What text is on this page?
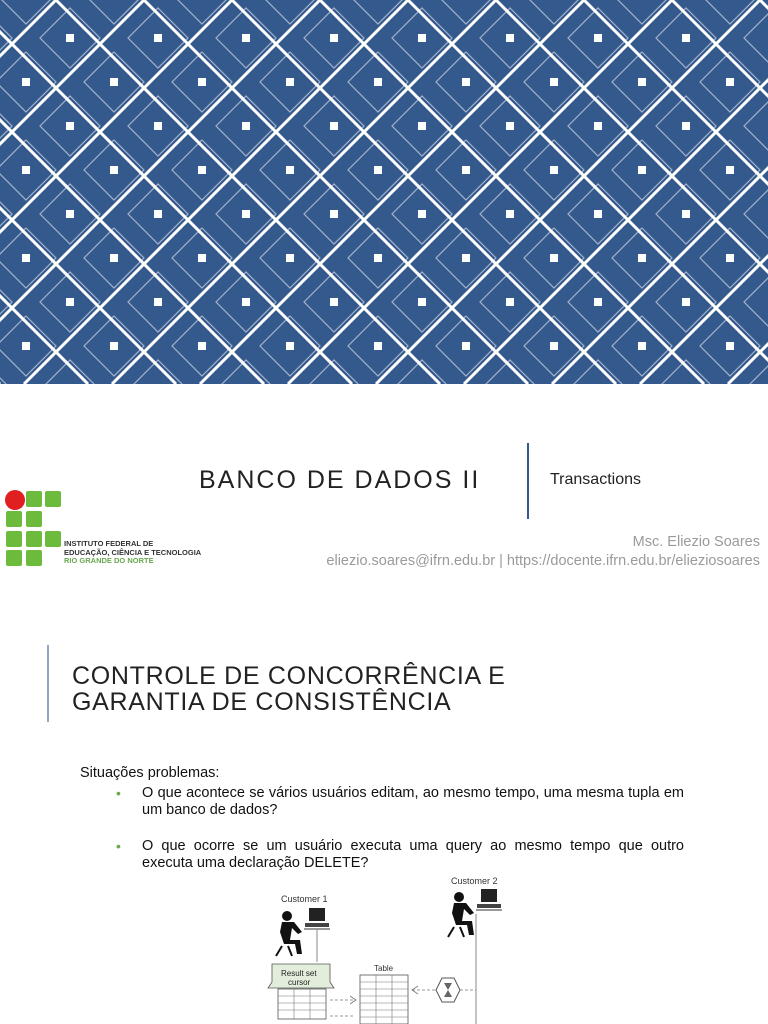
BANCO DE DADOS II	Transactions
INSTITUTO FEDERAL DE
EDUCAÇÃO, CIÊNCIA E TECNOLOGIA
RIO GRANDE DO NORTE
Msc. Eliezio Soares
eliezio.soares@ifrn.edu.br | https://docente.ifrn.edu.br/elieziosoares
CONTROLE DE CONCORRÊNCIA E
GARANTIA DE CONSISTÊNCIA
Situações problemas:
• O que acontece se vários usuários editam, ao mesmo tempo, uma mesma tupla em um banco de dados?
• O que ocorre se um usuário executa uma query ao mesmo tempo que outro executa uma declaração DELETE?
Customer 1
Result set
cursor
Table
Customer 2
